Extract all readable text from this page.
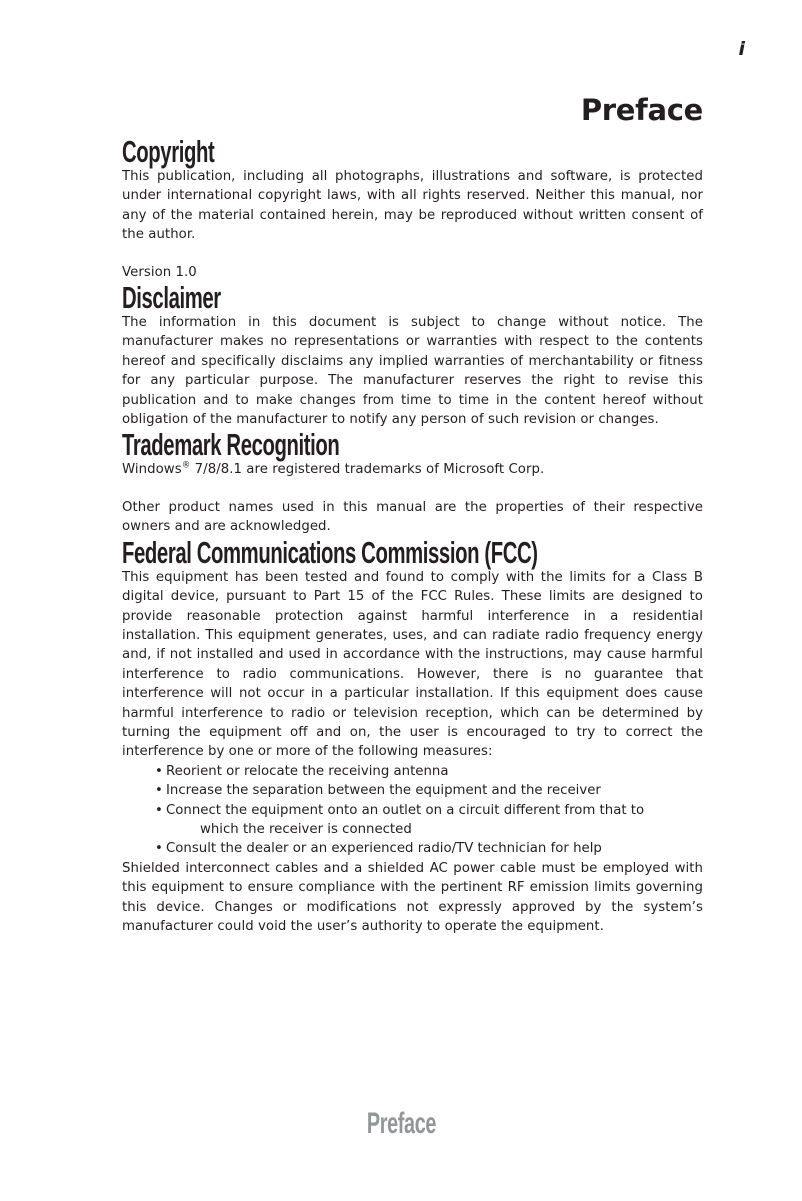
i
Preface
Copyright

This publication, including all photographs, illustrations and software, is protected under international copyright laws, with all rights reserved. Neither this manual, nor any of the material contained herein, may be reproduced without written consent of the author.

Version 1.0

Disclaimer

The information in this document is subject to change without notice. The manufacturer makes no representations or warranties with respect to the contents hereof and specifically disclaims any implied warranties of merchantability or fitness for any particular purpose. The manufacturer reserves the right to revise this publication and to make changes from time to time in the content hereof without obligation of the manufacturer to notify any person of such revision or changes.

Trademark Recognition

Windows® 7/8/8.1 are registered trademarks of Microsoft Corp.

Other product names used in this manual are the properties of their respective owners and are acknowledged.

Federal Communications Commission (FCC)

This equipment has been tested and found to comply with the limits for a Class B digital device, pursuant to Part 15 of the FCC Rules. These limits are designed to provide reasonable protection against harmful interference in a residential installation. This equipment generates, uses, and can radiate radio frequency energy and, if not installed and used in accordance with the instructions, may cause harmful interference to radio communications. However, there is no guarantee that interference will not occur in a particular installation. If this equipment does cause harmful interference to radio or television reception, which can be determined by turning the equipment off and on, the user is encouraged to try to correct the interference by one or more of the following measures:

• Reorient or relocate the receiving antenna
• Increase the separation between the equipment and the receiver
• Connect the equipment onto an outlet on a circuit different from that to
which the receiver is connected
• Consult the dealer or an experienced radio/TV technician for help

Shielded interconnect cables and a shielded AC power cable must be employed with this equipment to ensure compliance with the pertinent RF emission limits governing this device. Changes or modifications not expressly approved by the system’s manufacturer could void the user’s authority to operate the equipment.

Preface
